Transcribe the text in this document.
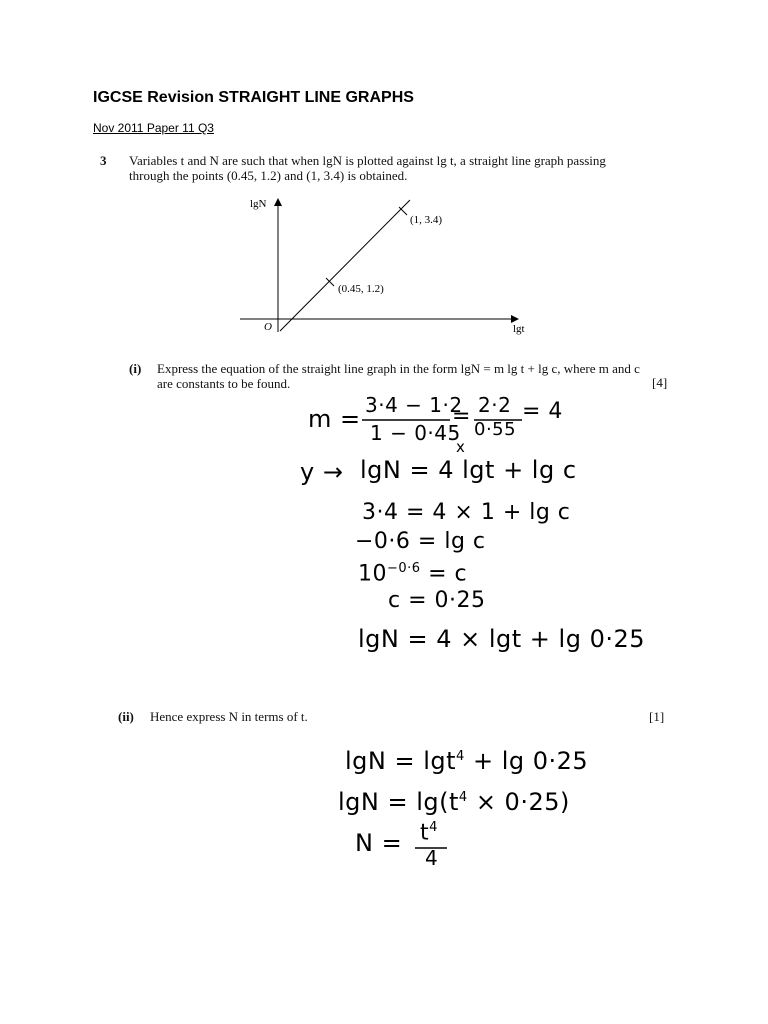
IGCSE Revision STRAIGHT LINE GRAPHS
Nov 2011 Paper 11 Q3
3 Variables t and N are such that when lgN is plotted against lg t, a straight line graph passing
through the points (0.45, 1.2) and (1, 3.4) is obtained.
lgN
lgt
O
(1, 3.4)
(0.45, 1.2)
(i) Express the equation of the straight line graph in the form lgN = m lg t + lg c, where m and c
are constants to be found.	[4]
m = 3·4 − 1·2
1 − 0·45
= 2·2
0·55
= 4
x
y → lgN = 4 lgt + lg c
3·4 = 4 × 1 + lg c
−0·6 = lg c
$10^{-0\cdot 6} = c$
c = 0·25
lgN = 4 × lgt + lg 0·25
(ii) Hence express N in terms of t.	[1]
lgN = lgt$^4$ + lg 0·25
$\lg N = \lg(t^4 \times 0\cdot 25)$
$N = t^4$
4
